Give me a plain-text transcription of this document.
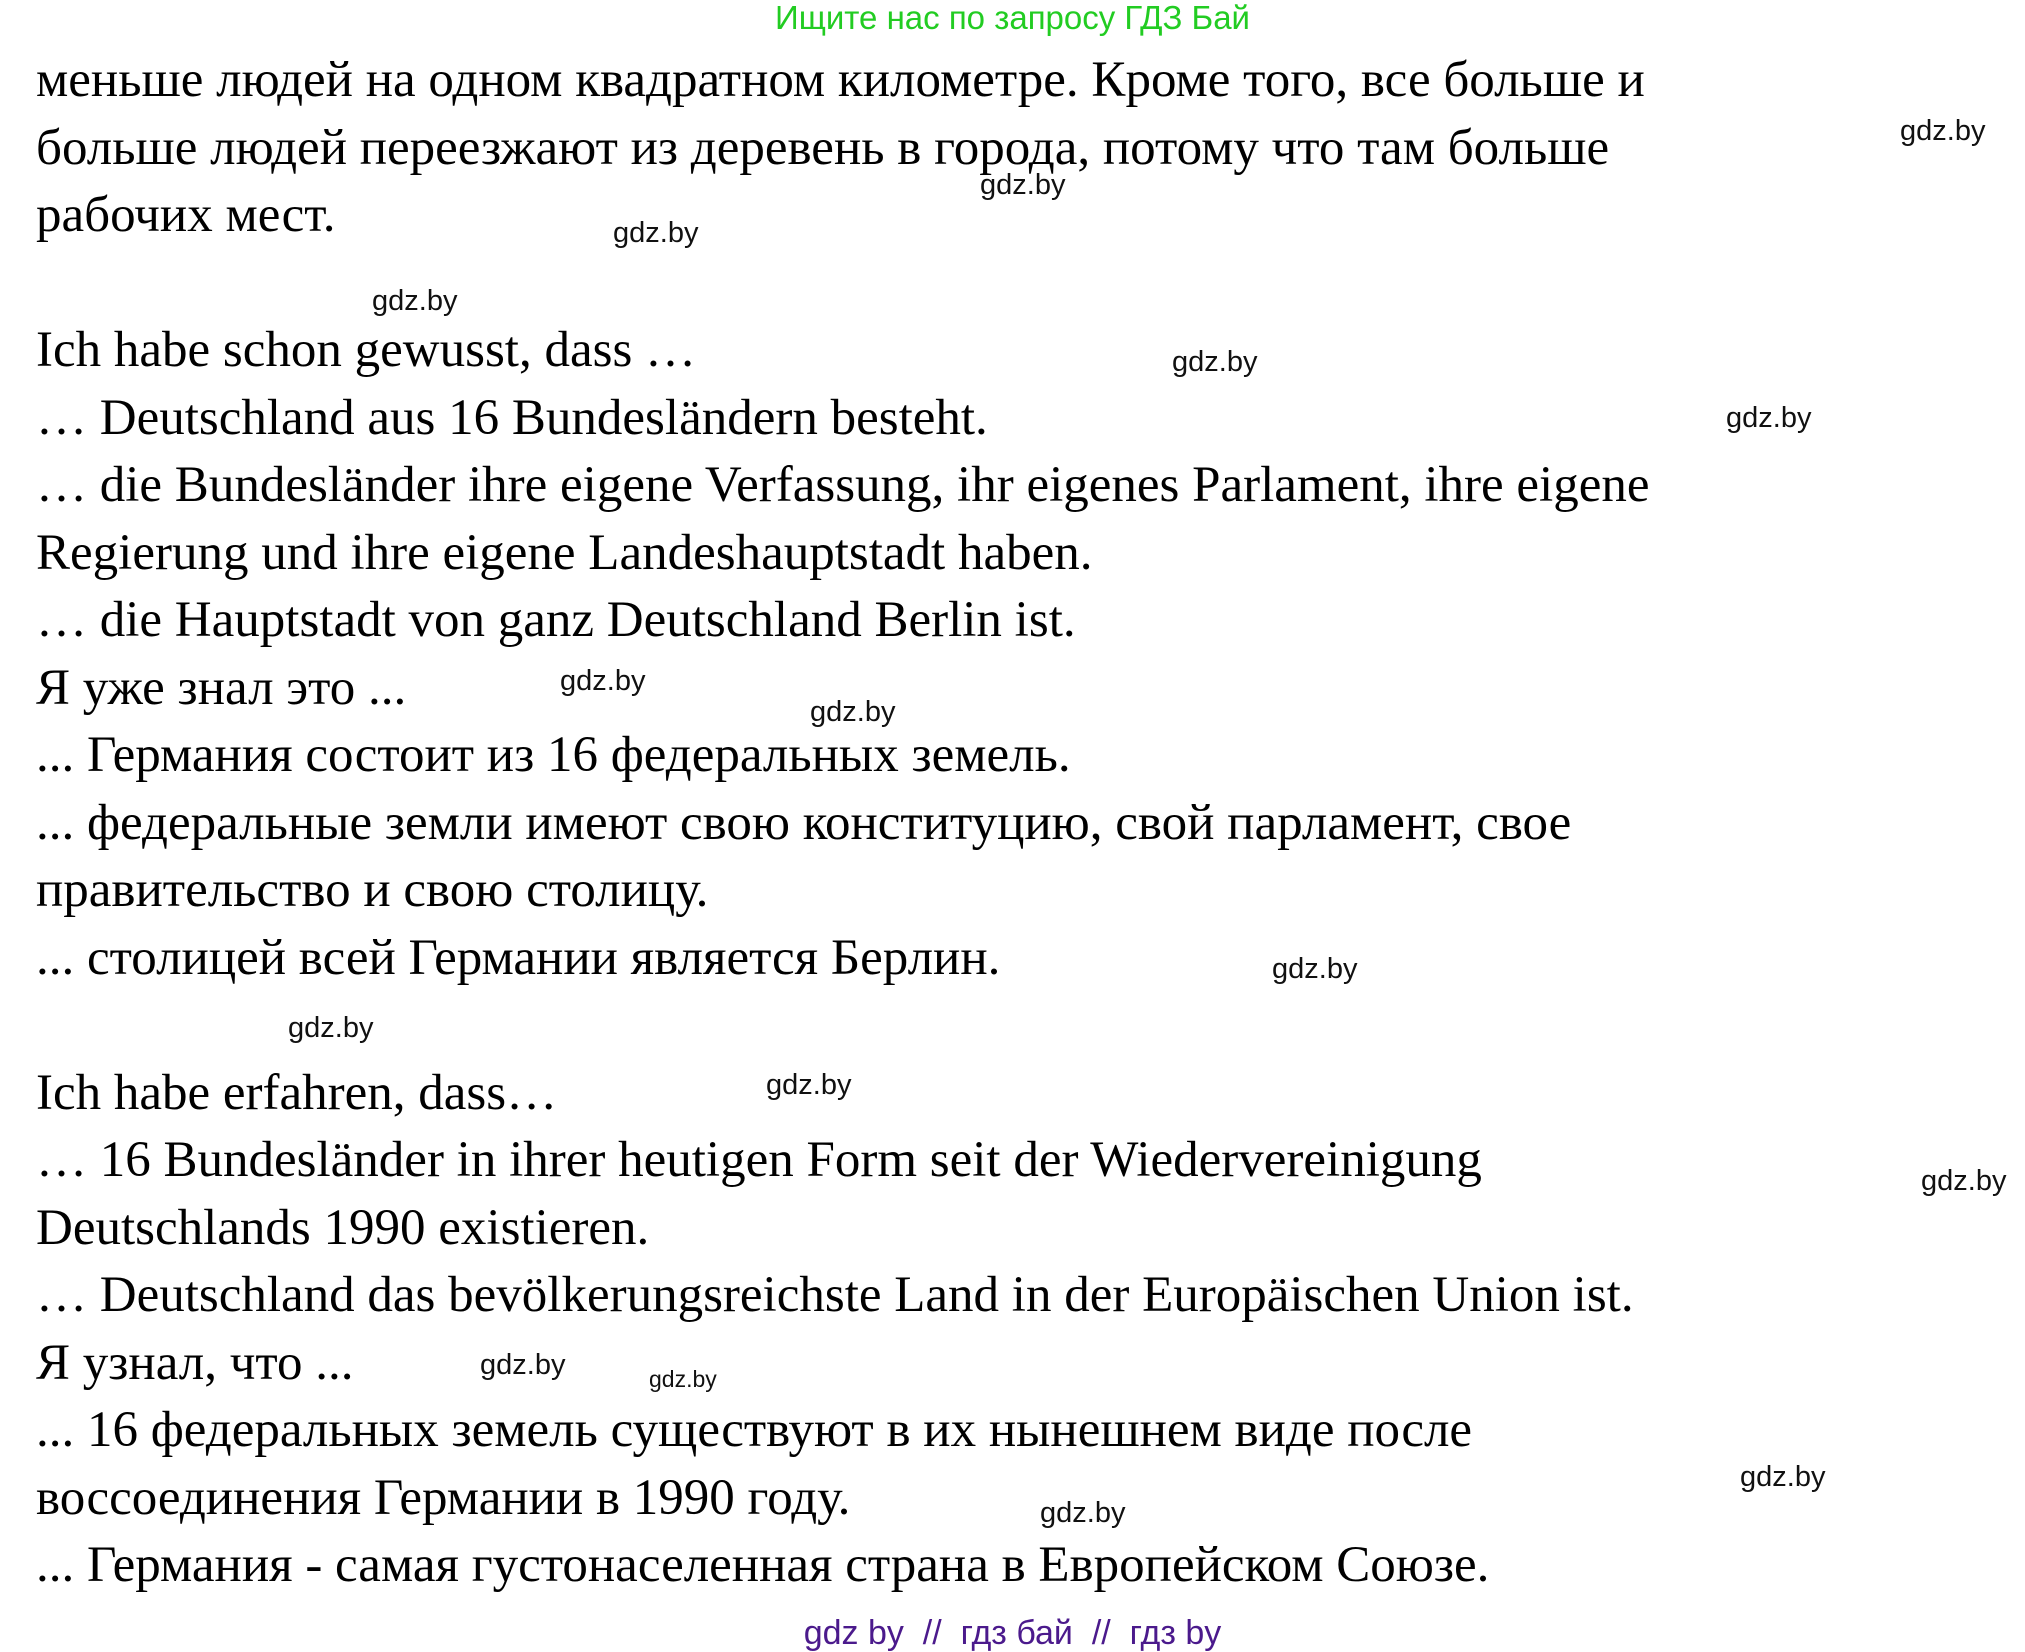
Ищите нас по запросу ГДЗ Бай
меньше людей на одном квадратном километре. Кроме того, все больше и
больше людей переезжают из деревень в города, потому что там больше
рабочих мест.
Ich habe schon gewusst, dass …
… Deutschland aus 16 Bundesländern besteht.
… die Bundesländer ihre eigene Verfassung, ihr eigenes Parlament, ihre eigene
Regierung und ihre eigene Landeshauptstadt haben.
… die Hauptstadt von ganz Deutschland Berlin ist.
Я уже знал это ...
... Германия состоит из 16 федеральных земель.
... федеральные земли имеют свою конституцию, свой парламент, свое
правительство и свою столицу.
... столицей всей Германии является Берлин.
Ich habe erfahren, dass…
… 16 Bundesländer in ihrer heutigen Form seit der Wiedervereinigung
Deutschlands 1990 existieren.
… Deutschland das bevölkerungsreichste Land in der Europäischen Union ist.
Я узнал, что ...
... 16 федеральных земель существуют в их нынешнем виде после
воссоединения Германии в 1990 году.
... Германия - самая густонаселенная страна в Европейском Союзе.
gdz.by
gdz.by
gdz.by
gdz.by
gdz.by
gdz.by
gdz.by
gdz.by
gdz.by
gdz.by
gdz.by
gdz.by
gdz.by	gdz.by
gdz.by
gdz.by
gdz by  //  гдз бай  //  гдз by
